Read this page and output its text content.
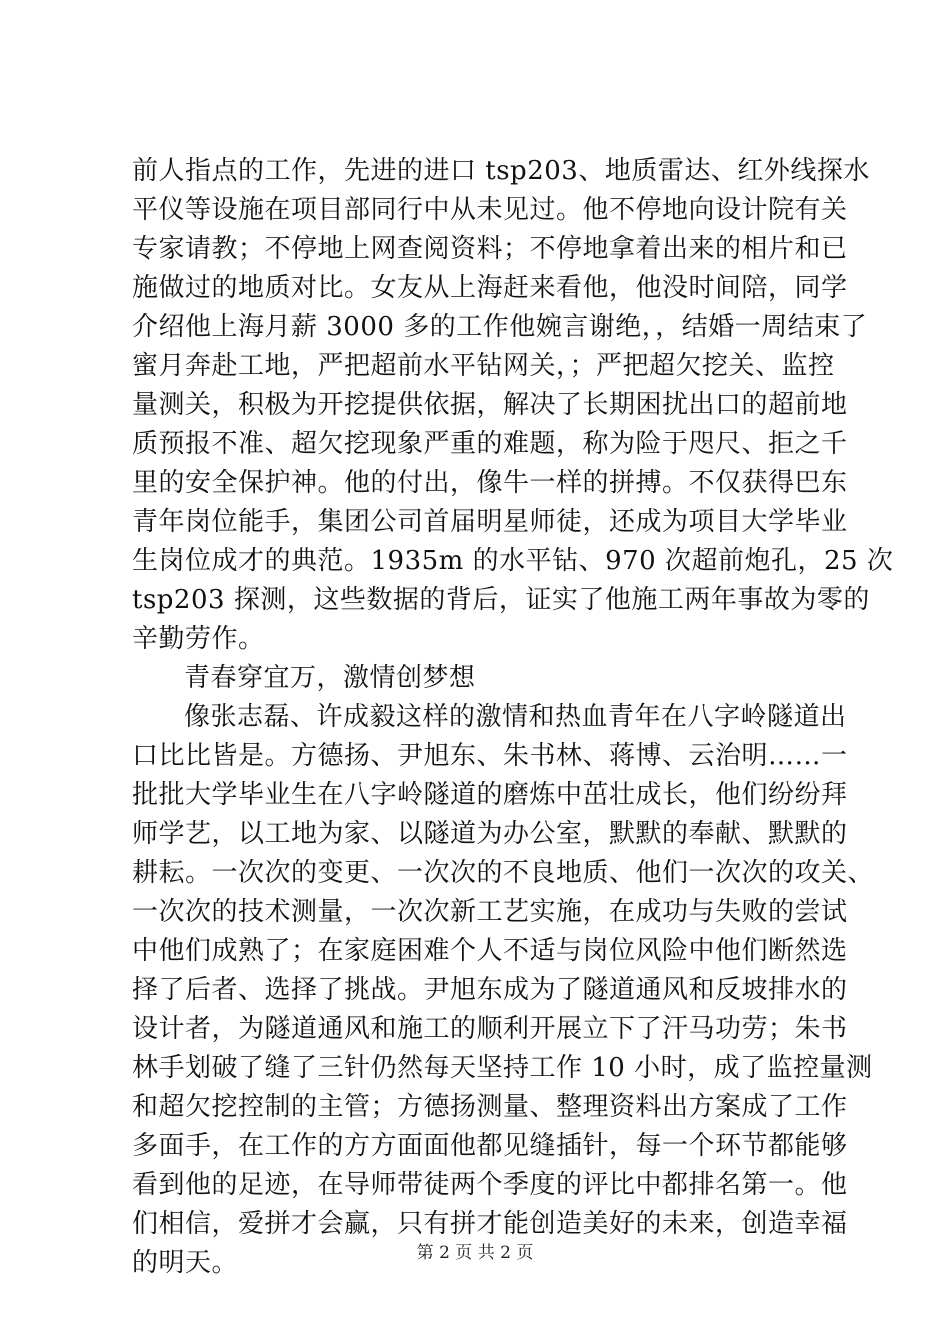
前人指点的工作，先进的进口 tsp203、地质雷达、红外线探水
平仪等设施在项目部同行中从未见过。他不停地向设计院有关
专家请教；不停地上网查阅资料；不停地拿着出来的相片和已
施做过的地质对比。女友从上海赶来看他，他没时间陪，同学
介绍他上海月薪 3000 多的工作他婉言谢绝，，结婚一周结束了
蜜月奔赴工地，严把超前水平钻网关，；严把超欠挖关、监控
量测关，积极为开挖提供依据，解决了长期困扰出口的超前地
质预报不准、超欠挖现象严重的难题，称为险于咫尺、拒之千
里的安全保护神。他的付出，像牛一样的拼搏。不仅获得巴东
青年岗位能手，集团公司首届明星师徒，还成为项目大学毕业
生岗位成才的典范。1935m 的水平钻、970 次超前炮孔，25 次
tsp203 探测，这些数据的背后，证实了他施工两年事故为零的
辛勤劳作。
青春穿宜万，激情创梦想
像张志磊、许成毅这样的激情和热血青年在八字岭隧道出
口比比皆是。方德扬、尹旭东、朱书林、蒋博、云治明……一
批批大学毕业生在八字岭隧道的磨炼中茁壮成长，他们纷纷拜
师学艺，以工地为家、以隧道为办公室，默默的奉献、默默的
耕耘。一次次的变更、一次次的不良地质、他们一次次的攻关、
一次次的技术测量，一次次新工艺实施，在成功与失败的尝试
中他们成熟了；在家庭困难个人不适与岗位风险中他们断然选
择了后者、选择了挑战。尹旭东成为了隧道通风和反坡排水的
设计者，为隧道通风和施工的顺利开展立下了汗马功劳；朱书
林手划破了缝了三针仍然每天坚持工作 10 小时，成了监控量测
和超欠挖控制的主管；方德扬测量、整理资料出方案成了工作
多面手，在工作的方方面面他都见缝插针，每一个环节都能够
看到他的足迹，在导师带徒两个季度的评比中都排名第一。他
们相信，爱拼才会赢，只有拼才能创造美好的未来，创造幸福
的明天。	第 2 页 共 2 页
